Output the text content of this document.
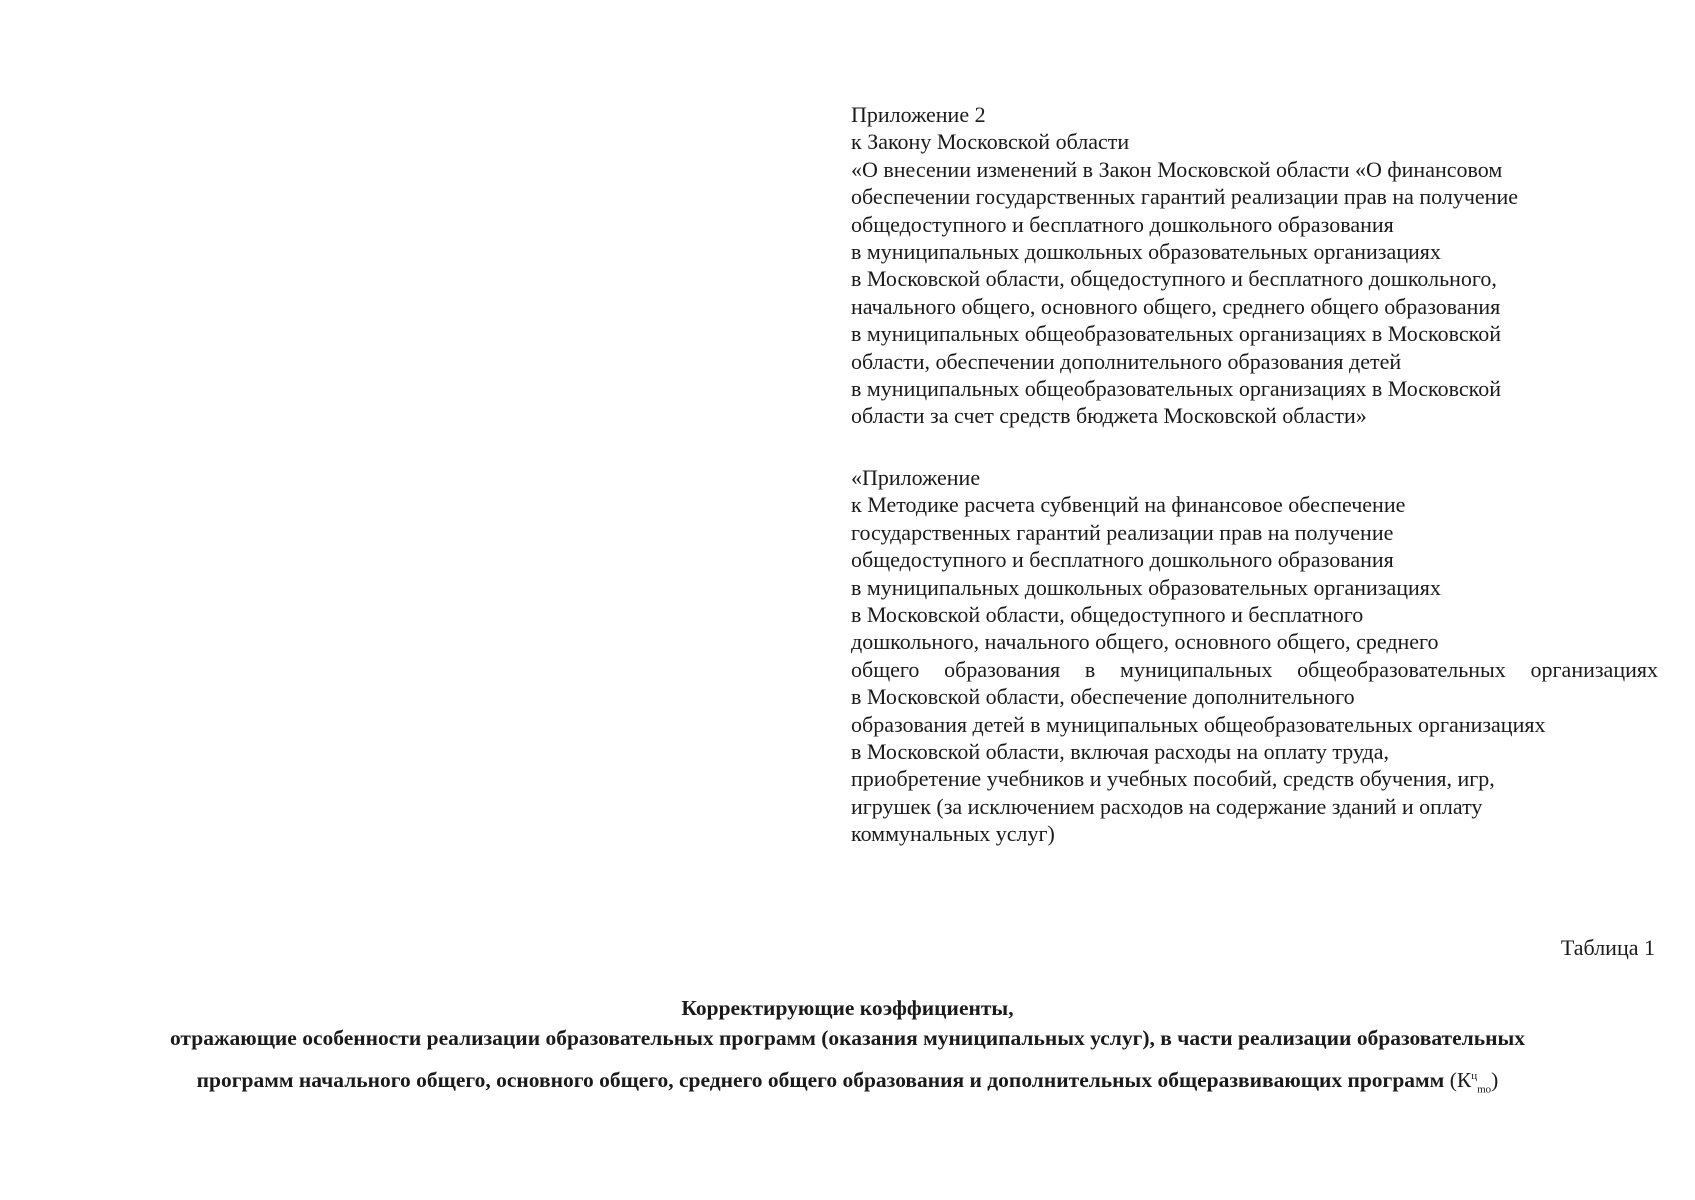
Приложение 2
к Закону Московской области
«О внесении изменений в Закон Московской области «О финансовом
обеспечении государственных гарантий реализации прав на получение
общедоступного и бесплатного дошкольного образования
в муниципальных дошкольных образовательных организациях
в Московской области, общедоступного и бесплатного дошкольного,
начального общего, основного общего, среднего общего образования
в муниципальных общеобразовательных организациях в Московской
области, обеспечении дополнительного образования детей
в муниципальных общеобразовательных организациях в Московской
области за счет средств бюджета Московской области»
«Приложение
к Методике расчета субвенций на финансовое обеспечение
государственных гарантий реализации прав на получение
общедоступного и бесплатного дошкольного образования
в муниципальных дошкольных образовательных организациях
в Московской области, общедоступного и бесплатного
дошкольного, начального общего, основного общего, среднего
общего образования в муниципальных общеобразовательных организациях
в Московской области, обеспечение дополнительного
образования детей в муниципальных общеобразовательных организациях
в Московской области, включая расходы на оплату труда,
приобретение учебников и учебных пособий, средств обучения, игр,
игрушек (за исключением расходов на содержание зданий и оплату
коммунальных услуг)
Таблица 1
Корректирующие коэффициенты,
отражающие особенности реализации образовательных программ (оказания муниципальных услуг), в части реализации образовательных
программ начального общего, основного общего, среднего общего образования и дополнительных общеразвивающих программ $(К^ц_{mo})$
